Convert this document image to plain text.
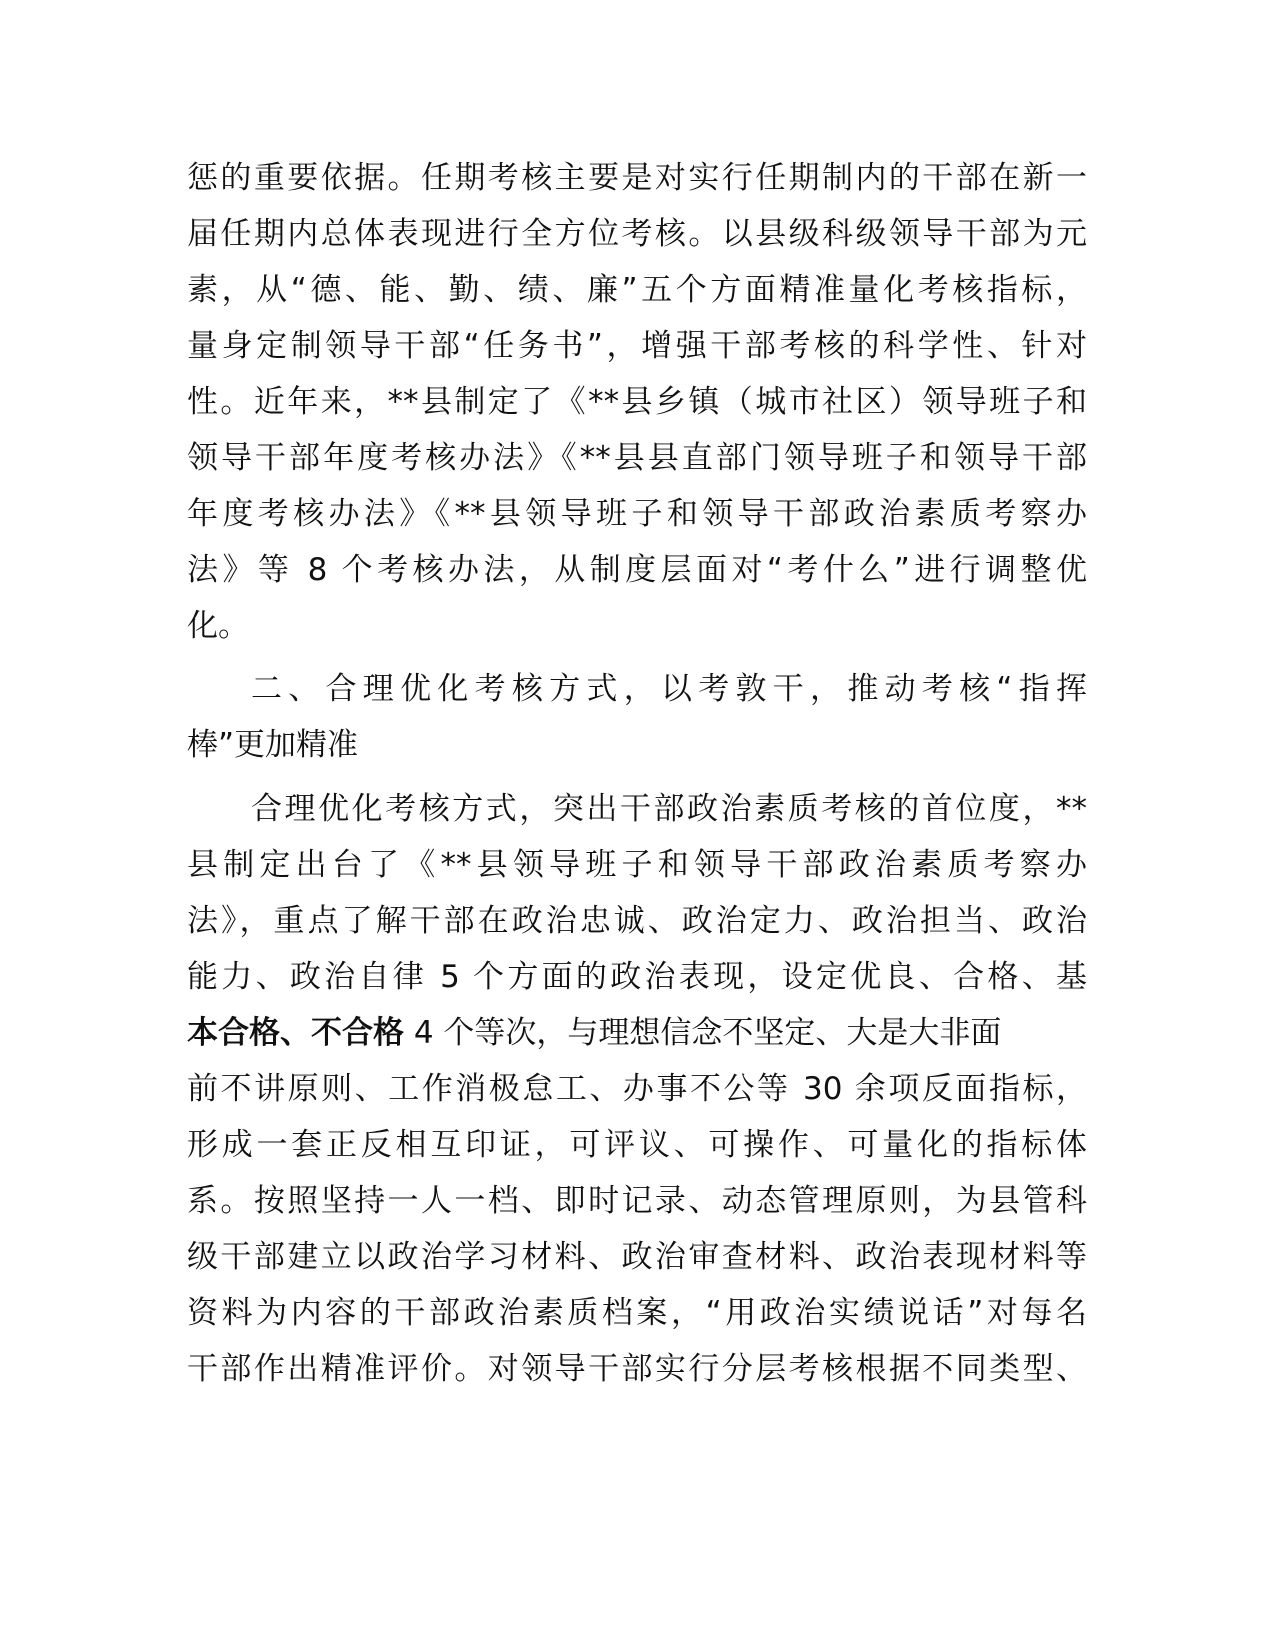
惩的重要依据。任期考核主要是对实行任期制内的干部在新一

届任期内总体表现进行全方位考核。以县级科级领导干部为元

素，从“德、能、勤、绩、廉”五个方面精准量化考核指标，

量身定制领导干部“任务书”，增强干部考核的科学性、针对

性。近年来，**县制定了《**县乡镇（城市社区）领导班子和

领导干部年度考核办法》《**县县直部门领导班子和领导干部

年度考核办法》《**县领导班子和领导干部政治素质考察办

法》等 8 个考核办法，从制度层面对“考什么”进行调整优

化。

二、合理优化考核方式，以考敦干，推动考核“指挥

棒”更加精准

合理优化考核方式，突出干部政治素质考核的首位度，**

县制定出台了《**县领导班子和领导干部政治素质考察办

法》，重点了解干部在政治忠诚、政治定力、政治担当、政治

能力、政治自律 5 个方面的政治表现，设定优良、合格、基

本合格、不合格 4 个等次，与理想信念不坚定、大是大非面

前不讲原则、工作消极怠工、办事不公等 30 余项反面指标，

形成一套正反相互印证，可评议、可操作、可量化的指标体

系。按照坚持一人一档、即时记录、动态管理原则，为县管科

级干部建立以政治学习材料、政治审查材料、政治表现材料等

资料为内容的干部政治素质档案，“用政治实绩说话”对每名

干部作出精准评价。对领导干部实行分层考核根据不同类型、
